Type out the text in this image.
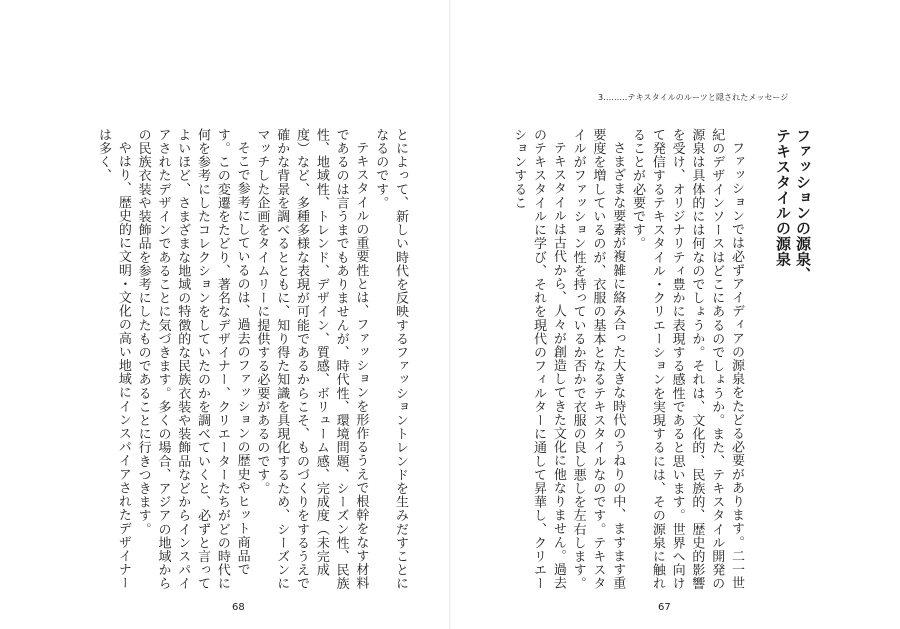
3………テキスタイルのルーツと隠されたメッセージ
ファッションの源泉、
テキスタイルの源泉

ファッションでは必ずアイディアの源泉をたどる必要があります。二一世紀のデザインソースはどこにあるのでしょうか。また、テキスタイル開発の源泉は具体的には何なのでしょうか。それは、文化的、民族的、歴史的影響を受け、オリジナリティ豊かに表現する感性であると思います。世界へ向けて発信するテキスタイル・クリエーションを実現するには、その源泉に触れることが必要です。

さまざまな要素が複雑に絡み合った大きな時代のうねりの中、ますます重要度を増しているのが、衣服の基本となるテキスタイルなのです。テキスタイルがファッション性を持っているか否かで衣服の良し悪しを左右します。

テキスタイルは古代から、人々が創造してきた文化に他なりません。過去のテキスタイルに学び、それを現代のフィルターに通して昇華し、クリエーションするこ

とによって、新しい時代を反映するファッショントレンドを生みだすことになるのです。

テキスタイルの重要性とは、ファッションを形作るうえで根幹をなす材料であるのは言うまでもありませんが、時代性、環境問題、シーズン性、民族性、地域性、トレンド、デザイン、質感、ボリューム感、完成度（未完成度）など、多種多様な表現が可能であるからこそ、ものづくりをするうえで確かな背景を調べるとともに、知り得た知識を具現化するため、シーズンにマッチした企画をタイムリーに提供する必要があるのです。

そこで参考にしているのは、過去のファッションの歴史やヒット商品です。この変遷をたどり、著名なデザイナー、クリエーターたちがどの時代に何を参考にしたコレクションをしていたのかを調べていくと、必ずと言ってよいほど、さまざまな地域の特徴的な民族衣装や装飾品などからインスパイアされたデザインであることに気づきます。多くの場合、アジアの地域からの民族衣装や装飾品を参考にしたものであることに行きつきます。

やはり、歴史的に文明・文化の高い地域にインスパイアされたデザイナーは多く、

68	67
